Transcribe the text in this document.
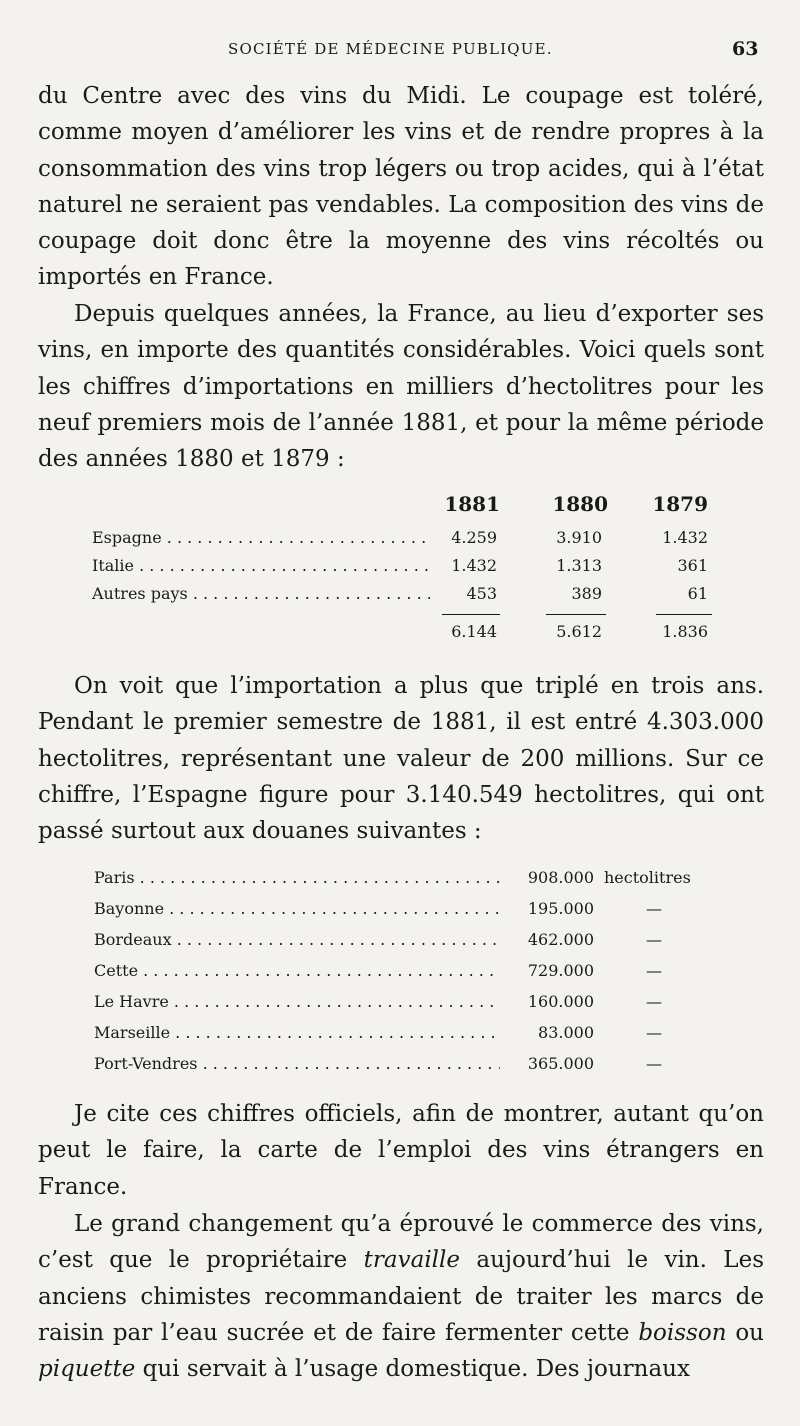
SOCIÉTÉ DE MÉDECINE PUBLIQUE.	63

du Centre avec des vins du Midi. Le coupage est toléré, comme moyen d’améliorer les vins et de rendre propres à la consommation des vins trop légers ou trop acides, qui à l’état naturel ne seraient pas vendables. La composition des vins de coupage doit donc être la moyenne des vins récoltés ou importés en France.

Depuis quelques années, la France, au lieu d’exporter ses vins, en importe des quantités considérables. Voici quels sont les chiffres d’importations en milliers d’hectolitres pour les neuf premiers mois de l’année 1881, et pour la même période des années 1880 et 1879 :

1881	1880	1879
Espagne . . .	4.259	3.910	1.432
Italie . . .	1.432	1.313	361
Autres pays . . .	453	389	61
6.144	5.612	1.836

On voit que l’importation a plus que triplé en trois ans. Pendant le premier semestre de 1881, il est entré 4.303.000 hectolitres, représentant une valeur de 200 millions. Sur ce chiffre, l’Espagne figure pour 3.140.549 hectolitres, qui ont passé surtout aux douanes suivantes :

Paris . . .	908.000 hectolitres
Bayonne . . .	195.000	—
Bordeaux . . .	462.000	—
Cette . . .	729.000	—
Le Havre . . .	160.000	—
Marseille . . .	83.000	—
Port-Vendres . . .	365.000	—

Je cite ces chiffres officiels, afin de montrer, autant qu’on peut le faire, la carte de l’emploi des vins étrangers en France.

Le grand changement qu’a éprouvé le commerce des vins, c’est que le propriétaire travaille aujourd’hui le vin. Les anciens chimistes recommandaient de traiter les marcs de raisin par l’eau sucrée et de faire fermenter cette boisson ou piquette qui servait à l’usage domestique. Des journaux
